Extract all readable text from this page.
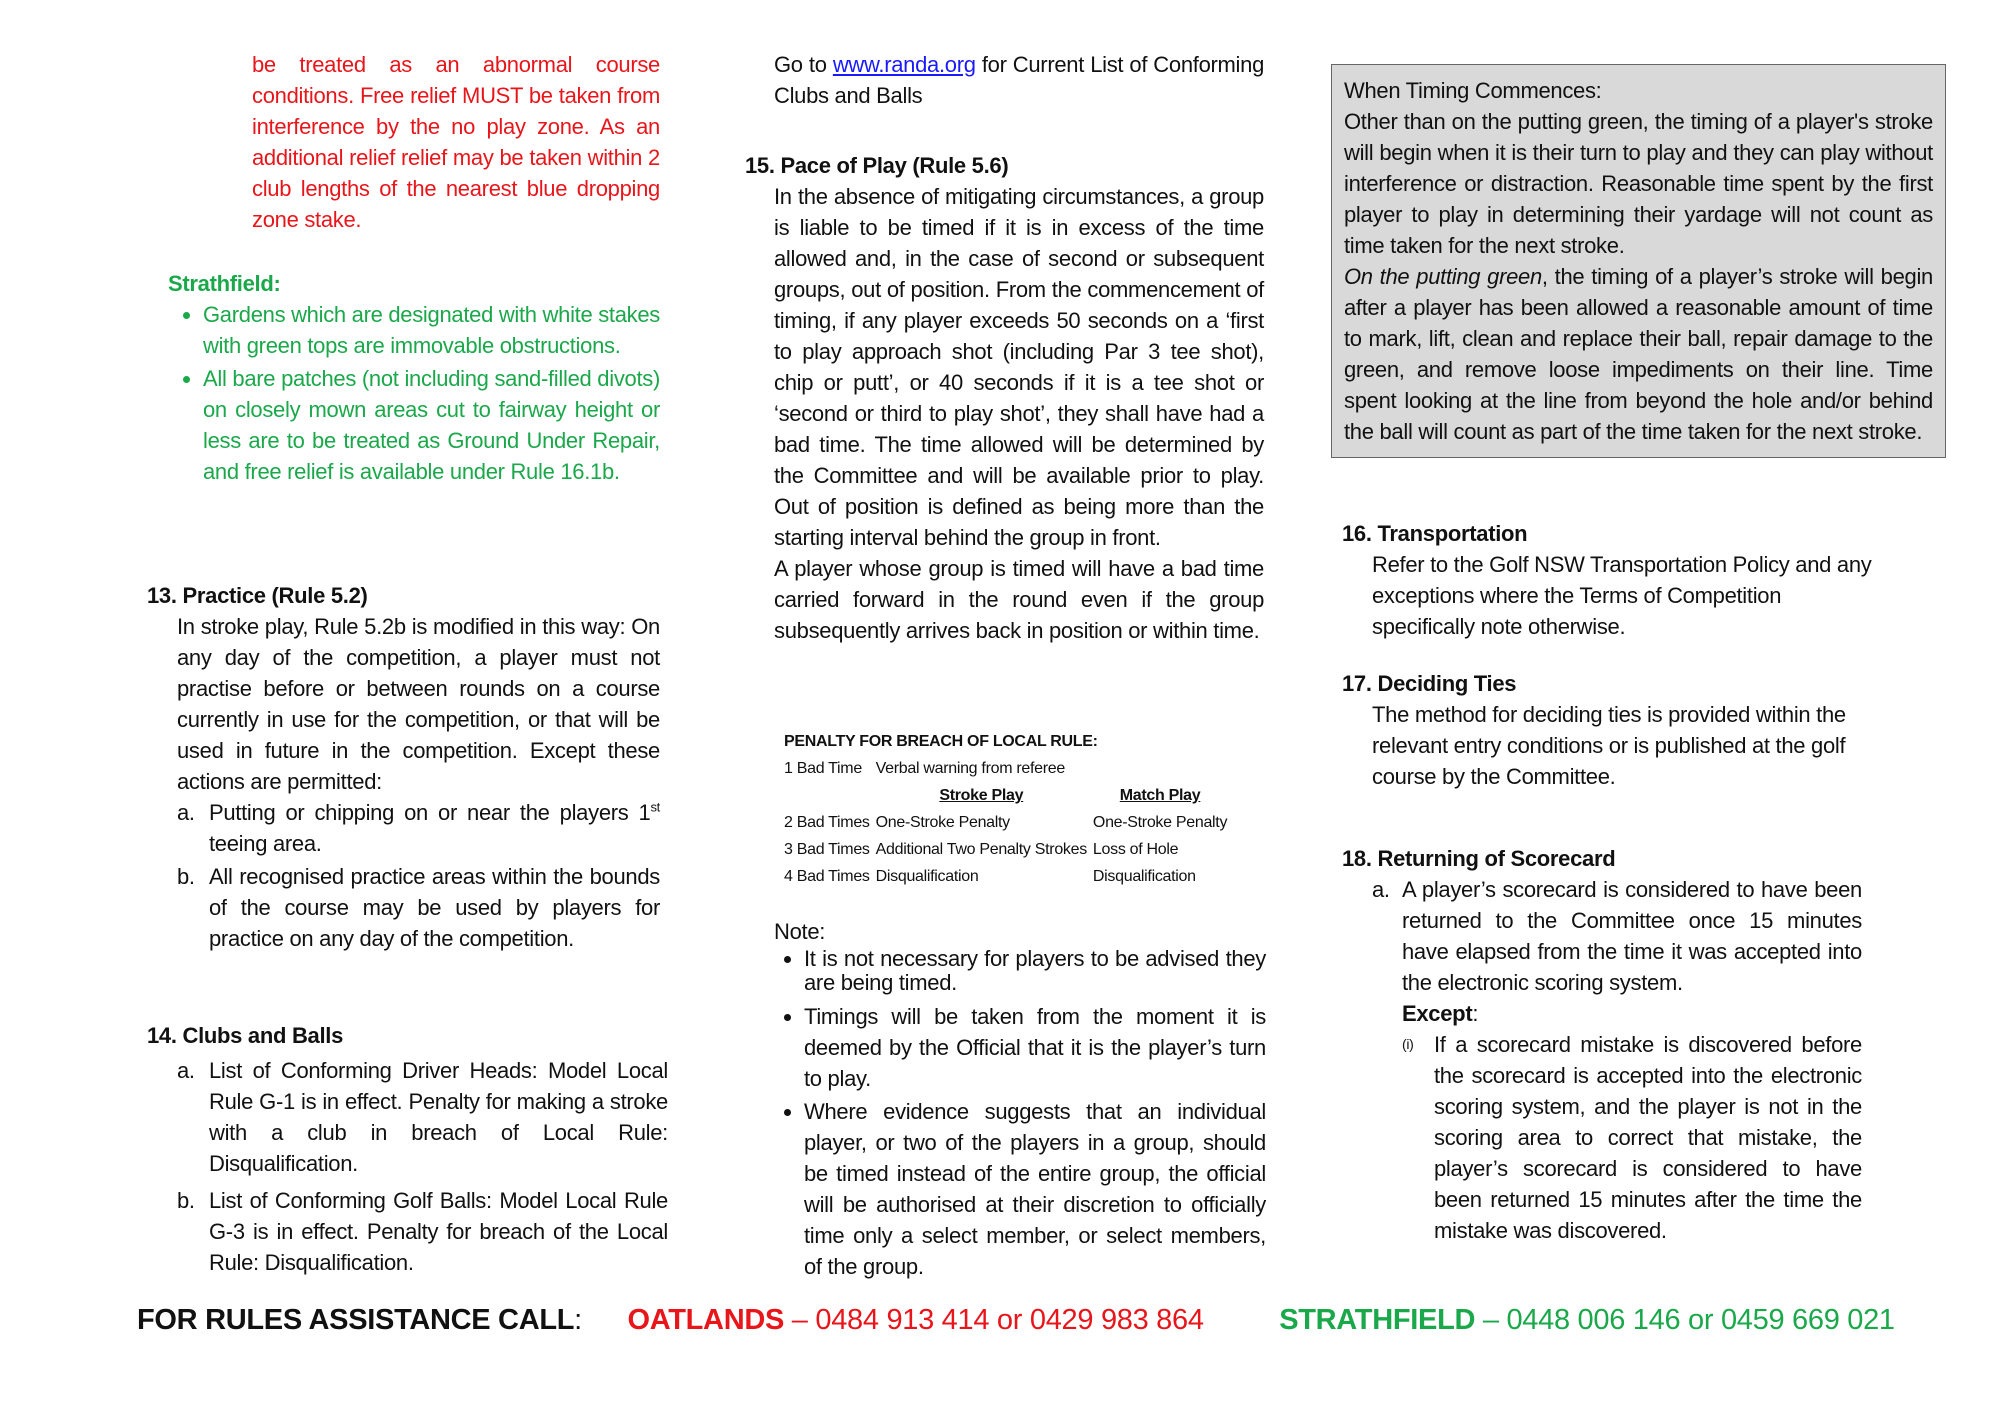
be treated as an abnormal course conditions. Free relief MUST be taken from interference by the no play zone. As an additional relief relief may be taken within 2 club lengths of the nearest blue dropping zone stake.
Strathfield:
• Gardens which are designated with white stakes with green tops are immovable obstructions.
• All bare patches (not including sand-filled divots) on closely mown areas cut to fairway height or less are to be treated as Ground Under Repair, and free relief is available under Rule 16.1b.
13. Practice (Rule 5.2)

In stroke play, Rule 5.2b is modified in this way: On any day of the competition, a player must not practise before or between rounds on a course currently in use for the competition, or that will be used in future in the competition. Except these actions are permitted:

a. Putting or chipping on or near the players 1st teeing area.
b. All recognised practice areas within the bounds of the course may be used by players for practice on any day of the competition.
14. Clubs and Balls
a. List of Conforming Driver Heads: Model Local Rule G-1 is in effect. Penalty for making a stroke with a club in breach of Local Rule: Disqualification.
b. List of Conforming Golf Balls: Model Local Rule G-3 is in effect. Penalty for breach of the Local Rule: Disqualification.
Go to www.randa.org for Current List of Conforming Clubs and Balls
15. Pace of Play (Rule 5.6)

In the absence of mitigating circumstances, a group is liable to be timed if it is in excess of the time allowed and, in the case of second or subsequent groups, out of position. From the commencement of timing, if any player exceeds 50 seconds on a ‘first to play approach shot (including Par 3 tee shot), chip or putt’, or 40 seconds if it is a tee shot or ‘second or third to play shot’, they shall have had a bad time. The time allowed will be determined by the Committee and will be available prior to play. Out of position is defined as being more than the starting interval behind the group in front.

A player whose group is timed will have a bad time carried forward in the round even if the group subsequently arrives back in position or within time.

PENALTY FOR BREACH OF LOCAL RULE:
1 Bad Time	Verbal warning from referee	
	Stroke Play	Match Play
2 Bad Times	One-Stroke Penalty	One-Stroke Penalty
3 Bad Times	Additional Two Penalty Strokes	Loss of Hole
4 Bad Times	Disqualification	Disqualification
Note:
• It is not necessary for players to be advised they are being timed.
• Timings will be taken from the moment it is deemed by the Official that it is the player’s turn to play.
• Where evidence suggests that an individual player, or two of the players in a group, should be timed instead of the entire group, the official will be authorised at their discretion to officially time only a select member, or select members, of the group.
When Timing Commences:

Other than on the putting green, the timing of a player's stroke will begin when it is their turn to play and they can play without interference or distraction. Reasonable time spent by the first player to play in determining their yardage will not count as time taken for the next stroke.

On the putting green, the timing of a player’s stroke will begin after a player has been allowed a reasonable amount of time to mark, lift, clean and replace their ball, repair damage to the green, and remove loose impediments on their line. Time spent looking at the line from beyond the hole and/or behind the ball will count as part of the time taken for the next stroke.

16. Transportation

Refer to the Golf NSW Transportation Policy and any exceptions where the Terms of Competition specifically note otherwise.

17. Deciding Ties

The method for deciding ties is provided within the relevant entry conditions or is published at the golf course by the Committee.

18. Returning of Scorecard
a. A player’s scorecard is considered to have been returned to the Committee once 15 minutes have elapsed from the time it was accepted into the electronic scoring system.
Except:
(i) If a scorecard mistake is discovered before the scorecard is accepted into the electronic scoring system, and the player is not in the scoring area to correct that mistake, the player’s scorecard is considered to have been returned 15 minutes after the time the mistake was discovered.
FOR RULES ASSISTANCE CALL: OATLANDS – 0484 913 414 or 0429 983 864	STRATHFIELD – 0448 006 146 or 0459 669 021
